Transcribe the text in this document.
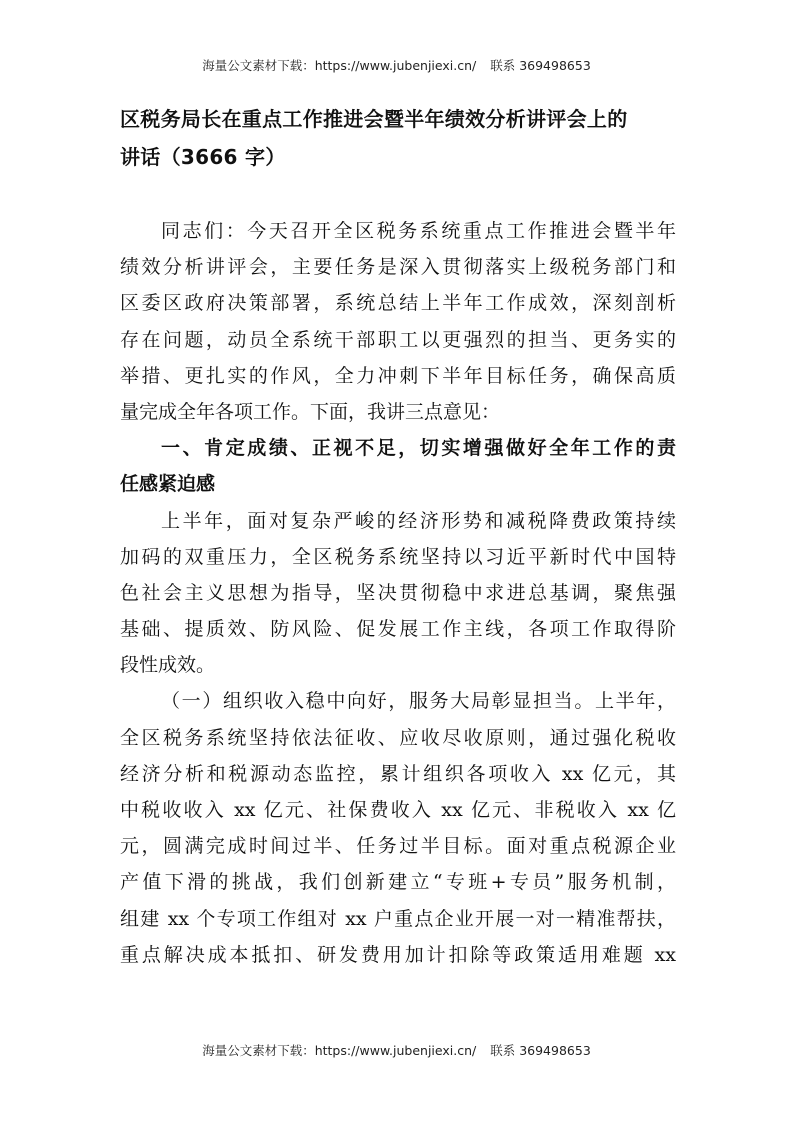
海量公文素材下载：https://www.jubenjiexi.cn/ 联系 369498653
区税务局长在重点工作推进会暨半年绩效分析讲评会上的
讲话（3666 字）
同志们：今天召开全区税务系统重点工作推进会暨半年
绩效分析讲评会，主要任务是深入贯彻落实上级税务部门和
区委区政府决策部署，系统总结上半年工作成效，深刻剖析
存在问题，动员全系统干部职工以更强烈的担当、更务实的
举措、更扎实的作风，全力冲刺下半年目标任务，确保高质
量完成全年各项工作。下面，我讲三点意见：
一、肯定成绩、正视不足，切实增强做好全年工作的责
任感紧迫感
上半年，面对复杂严峻的经济形势和减税降费政策持续
加码的双重压力，全区税务系统坚持以习近平新时代中国特
色社会主义思想为指导，坚决贯彻稳中求进总基调，聚焦强
基础、提质效、防风险、促发展工作主线，各项工作取得阶
段性成效。
（一）组织收入稳中向好，服务大局彰显担当。上半年，
全区税务系统坚持依法征收、应收尽收原则，通过强化税收
经济分析和税源动态监控，累计组织各项收入 xx 亿元，其
中税收收入 xx 亿元、社保费收入 xx 亿元、非税收入 xx 亿
元，圆满完成时间过半、任务过半目标。面对重点税源企业
产值下滑的挑战，我们创新建立“专班+专员”服务机制，
组建 xx 个专项工作组对 xx 户重点企业开展一对一精准帮扶，
重点解决成本抵扣、研发费用加计扣除等政策适用难题 xx
海量公文素材下载：https://www.jubenjiexi.cn/ 联系 369498653
